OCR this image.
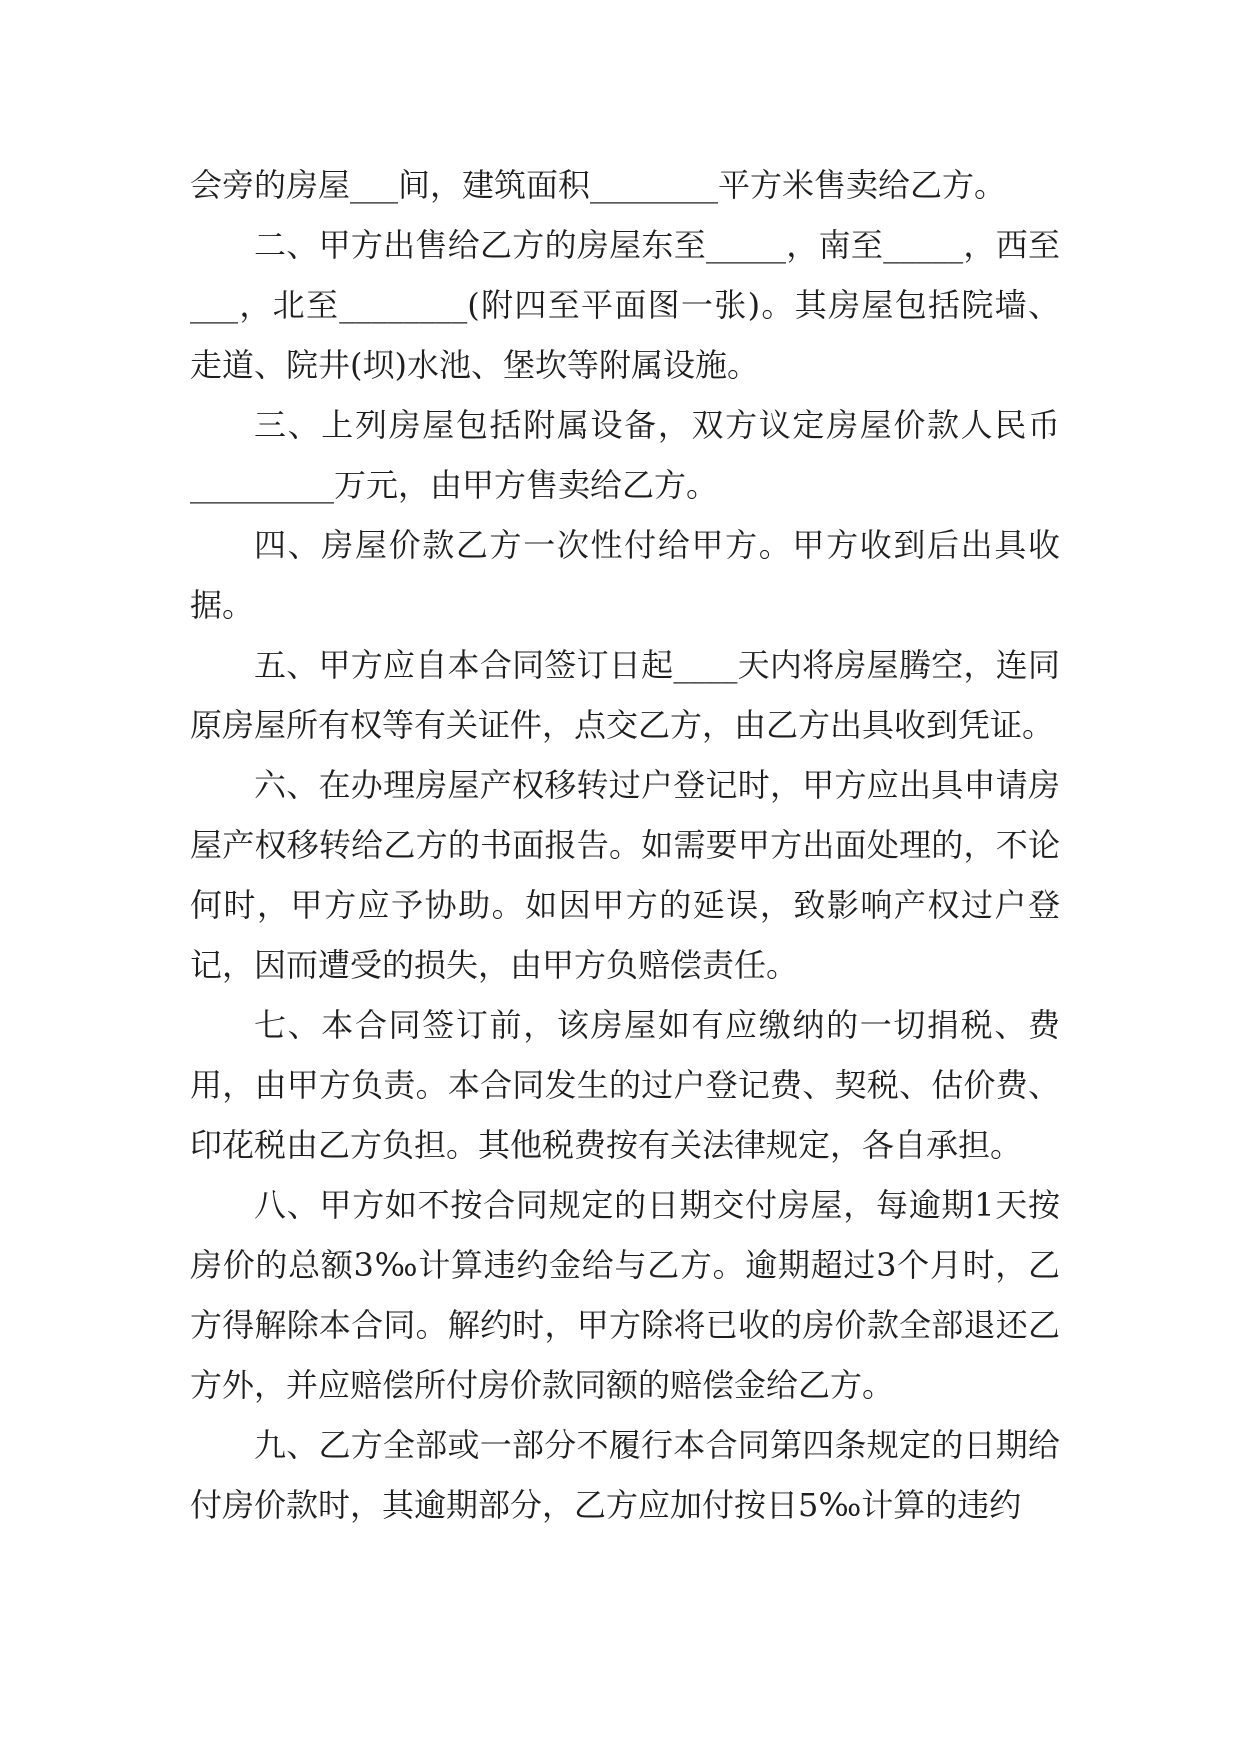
会旁的房屋___间，建筑面积________平方米售卖给乙方。

二、甲方出售给乙方的房屋东至_____，南至_____，西至___，北至________(附四至平面图一张)。其房屋包括院墙、走道、院井(坝)水池、堡坎等附属设施。

三、上列房屋包括附属设备，双方议定房屋价款人民币_________万元，由甲方售卖给乙方。

四、房屋价款乙方一次性付给甲方。甲方收到后出具收据。

五、甲方应自本合同签订日起____天内将房屋腾空，连同原房屋所有权等有关证件，点交乙方，由乙方出具收到凭证。

六、在办理房屋产权移转过户登记时，甲方应出具申请房屋产权移转给乙方的书面报告。如需要甲方出面处理的，不论何时，甲方应予协助。如因甲方的延误，致影响产权过户登记，因而遭受的损失，由甲方负赔偿责任。

七、本合同签订前，该房屋如有应缴纳的一切捐税、费用，由甲方负责。本合同发生的过户登记费、契税、估价费、印花税由乙方负担。其他税费按有关法律规定，各自承担。

八、甲方如不按合同规定的日期交付房屋，每逾期1天按房价的总额3‰计算违约金给与乙方。逾期超过3个月时，乙方得解除本合同。解约时，甲方除将已收的房价款全部退还乙方外，并应赔偿所付房价款同额的赔偿金给乙方。

九、乙方全部或一部分不履行本合同第四条规定的日期给付房价款时，其逾期部分，乙方应加付按日5‰计算的违约
